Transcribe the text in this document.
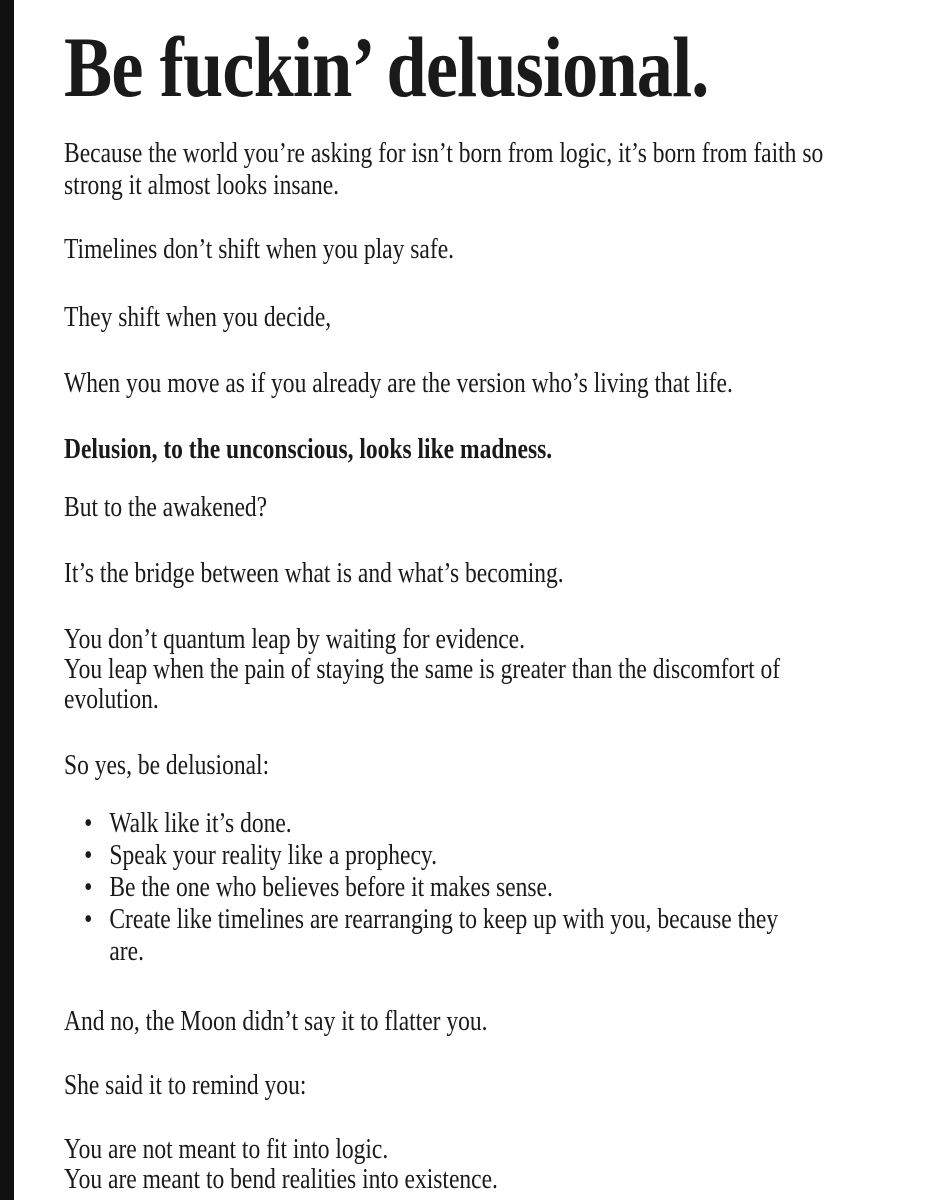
Be fuckin’ delusional.
Because the world you’re asking for isn’t born from logic, it’s born from faith so
strong it almost looks insane.
Timelines don’t shift when you play safe.
They shift when you decide,
When you move as if you already are the version who’s living that life.
Delusion, to the unconscious, looks like madness.
But to the awakened?
It’s the bridge between what is and what’s becoming.
You don’t quantum leap by waiting for evidence.
You leap when the pain of staying the same is greater than the discomfort of
evolution.
So yes, be delusional:
• Walk like it’s done.
• Speak your reality like a prophecy.
• Be the one who believes before it makes sense.
• Create like timelines are rearranging to keep up with you, because they
are.
And no, the Moon didn’t say it to flatter you.
She said it to remind you:
You are not meant to fit into logic.
You are meant to bend realities into existence.
